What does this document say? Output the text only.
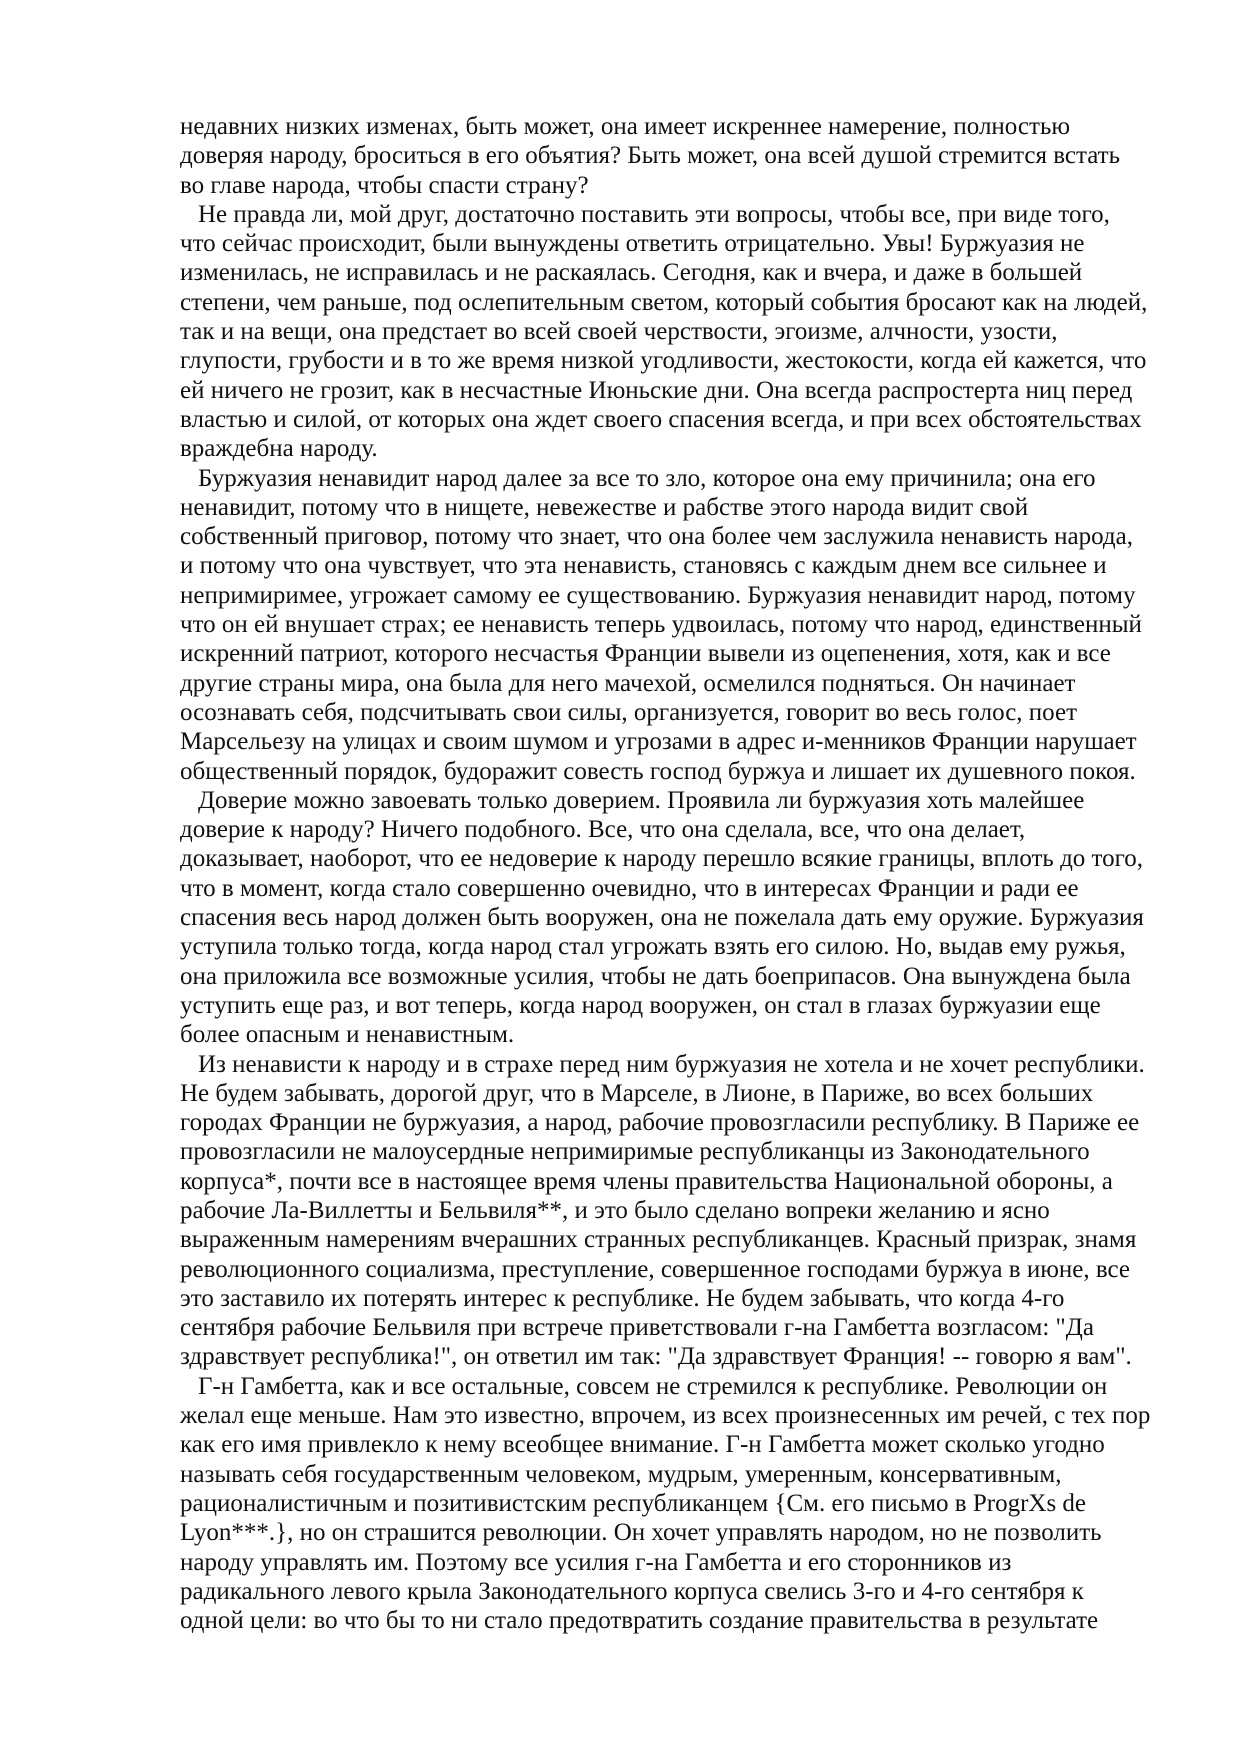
недавних низких изменах, быть может, она имеет искреннее намерение, полностью
доверяя народу, броситься в его объятия? Быть может, она всей душой стремится встать
во главе народа, чтобы спасти страну?

Не правда ли, мой друг, достаточно поставить эти вопросы, чтобы все, при виде того,
что сейчас происходит, были вынуждены ответить отрицательно. Увы! Буржуазия не
изменилась, не исправилась и не раскаялась. Сегодня, как и вчера, и даже в большей
степени, чем раньше, под ослепительным светом, который события бросают как на людей,
так и на вещи, она предстает во всей своей черствости, эгоизме, алчности, узости,
глупости, грубости и в то же время низкой угодливости, жестокости, когда ей кажется, что
ей ничего не грозит, как в несчастные Июньские дни. Она всегда распростерта ниц перед
властью и силой, от которых она ждет своего спасения всегда, и при всех обстоятельствах
враждебна народу.

Буржуазия ненавидит народ далее за все то зло, которое она ему причинила; она его
ненавидит, потому что в нищете, невежестве и рабстве этого народа видит свой
собственный приговор, потому что знает, что она более чем заслужила ненависть народа,
и потому что она чувствует, что эта ненависть, становясь с каждым днем все сильнее и
непримиримее, угрожает самому ее существованию. Буржуазия ненавидит народ, потому
что он ей внушает страх; ее ненависть теперь удвоилась, потому что народ, единственный
искренний патриот, которого несчастья Франции вывели из оцепенения, хотя, как и все
другие страны мира, она была для него мачехой, осмелился подняться. Он начинает
осознавать себя, подсчитывать свои силы, организуется, говорит во весь голос, поет
Марсельезу на улицах и своим шумом и угрозами в адрес и-менников Франции нарушает
общественный порядок, будоражит совесть господ буржуа и лишает их душевного покоя.

Доверие можно завоевать только доверием. Проявила ли буржуазия хоть малейшее
доверие к народу? Ничего подобного. Все, что она сделала, все, что она делает,
доказывает, наоборот, что ее недоверие к народу перешло всякие границы, вплоть до того,
что в момент, когда стало совершенно очевидно, что в интересах Франции и ради ее
спасения весь народ должен быть вооружен, она не пожелала дать ему оружие. Буржуазия
уступила только тогда, когда народ стал угрожать взять его силою. Но, выдав ему ружья,
она приложила все возможные усилия, чтобы не дать боеприпасов. Она вынуждена была
уступить еще раз, и вот теперь, когда народ вооружен, он стал в глазах буржуазии еще
более опасным и ненавистным.

Из ненависти к народу и в страхе перед ним буржуазия не хотела и не хочет республики.
Не будем забывать, дорогой друг, что в Марселе, в Лионе, в Париже, во всех больших
городах Франции не буржуазия, а народ, рабочие провозгласили республику. В Париже ее
провозгласили не малоусердные непримиримые республиканцы из Законодательного
корпуса*, почти все в настоящее время члены правительства Национальной обороны, а
рабочие Ла-Виллетты и Бельвиля**, и это было сделано вопреки желанию и ясно
выраженным намерениям вчерашних странных республиканцев. Красный призрак, знамя
революционного социализма, преступление, совершенное господами буржуа в июне, все
это заставило их потерять интерес к республике. Не будем забывать, что когда 4-го
сентября рабочие Бельвиля при встрече приветствовали г-на Гамбетта возгласом: "Да
здравствует республика!", он ответил им так: "Да здравствует Франция! -- говорю я вам".

Г-н Гамбетта, как и все остальные, совсем не стремился к республике. Революции он
желал еще меньше. Нам это известно, впрочем, из всех произнесенных им речей, с тех пор
как его имя привлекло к нему всеобщее внимание. Г-н Гамбетта может сколько угодно
называть себя государственным человеком, мудрым, умеренным, консервативным,
рационалистичным и позитивистским республиканцем {См. его письмо в ProgrXs de
Lyon***.}, но он страшится революции. Он хочет управлять народом, но не позволить
народу управлять им. Поэтому все усилия г-на Гамбетта и его сторонников из
радикального левого крыла Законодательного корпуса свелись 3-го и 4-го сентября к
одной цели: во что бы то ни стало предотвратить создание правительства в результате
